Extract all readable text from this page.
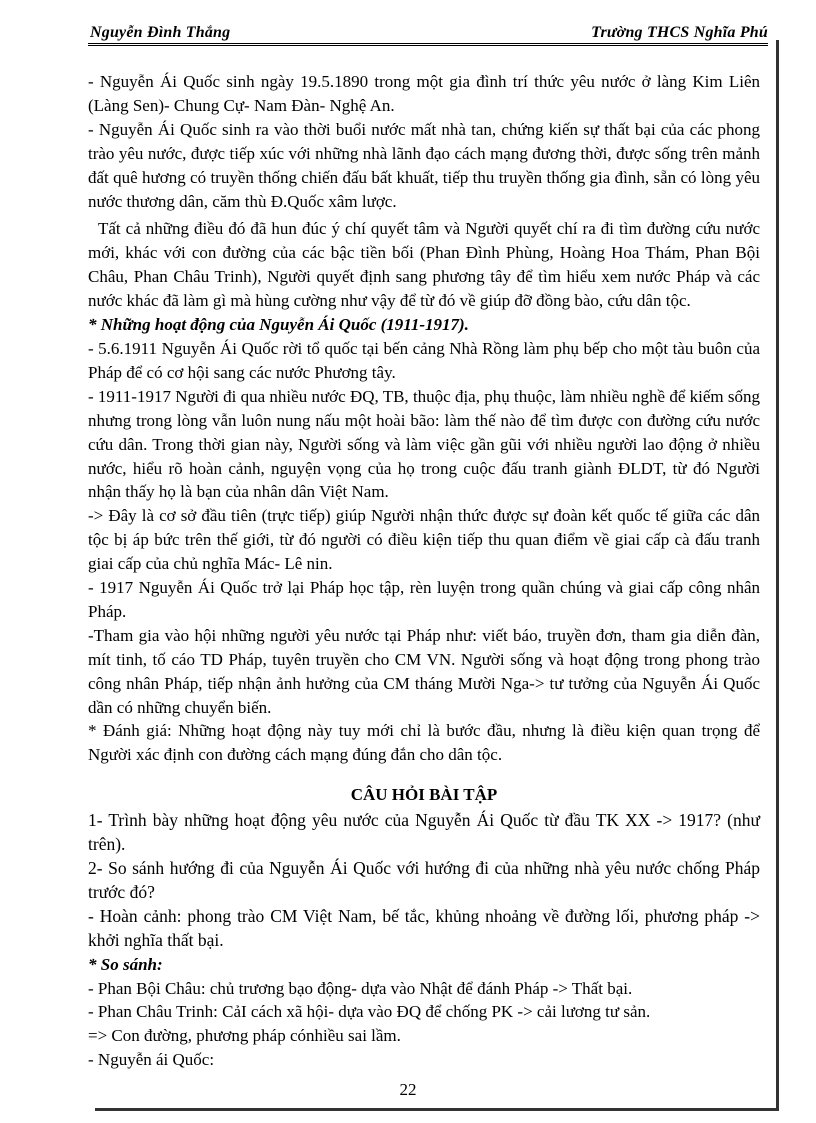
Nguyễn Đình Thắng	Trường THCS Nghĩa Phú

- Nguyễn Ái Quốc sinh ngày 19.5.1890 trong một gia đình trí thức yêu nước ở làng Kim Liên (Làng Sen)- Chung Cự- Nam Đàn- Nghệ An.

- Nguyễn Ái Quốc sinh ra vào thời buổi nước mất nhà tan, chứng kiến sự thất bại của các phong trào yêu nước, được tiếp xúc với những nhà lãnh đạo cách mạng đương thời, được sống trên mảnh đất quê hương có truyền thống chiến đấu bất khuất, tiếp thu truyền thống gia đình, sẵn có lòng yêu nước thương dân, căm thù Đ.Quốc xâm lược.

Tất cả những điều đó đã hun đúc ý chí quyết tâm và Người quyết chí ra đi tìm đường cứu nước mới, khác với con đường của các bậc tiền bối (Phan Đình Phùng, Hoàng Hoa Thám, Phan Bội Châu, Phan Châu Trinh), Người quyết định sang phương tây để tìm hiểu xem nước Pháp và các nước khác đã làm gì mà hùng cường như vậy để từ đó về giúp đỡ đồng bào, cứu dân tộc.

* Những hoạt động của Nguyễn Ái Quốc (1911-1917).

- 5.6.1911 Nguyễn Ái Quốc rời tổ quốc tại bến cảng Nhà Rồng làm phụ bếp cho một tàu buôn của Pháp để có cơ hội sang các nước Phương tây.

- 1911-1917 Người đi qua nhiều nước ĐQ, TB, thuộc địa, phụ thuộc, làm nhiều nghề để kiếm sống nhưng trong lòng vẫn luôn nung nấu một hoài bão: làm thế nào để tìm được con đường cứu nước cứu dân. Trong thời gian này, Người sống và làm việc gần gũi với nhiều người lao động ở nhiều nước, hiểu rõ hoàn cảnh, nguyện vọng của họ trong cuộc đấu tranh giành ĐLDT, từ đó Người nhận thấy họ là bạn của nhân dân Việt Nam.

-> Đây là cơ sở đầu tiên (trực tiếp) giúp Người nhận thức được sự đoàn kết quốc tế giữa các dân tộc bị áp bức trên thế giới, từ đó người có điều kiện tiếp thu quan điểm về giai cấp cà đấu tranh giai cấp của chủ nghĩa Mác- Lê nin.

- 1917 Nguyễn Ái Quốc trở lại Pháp học tập, rèn luyện trong quần chúng và giai cấp công nhân Pháp.

-Tham gia vào hội những người yêu nước tại Pháp như: viết báo, truyền đơn, tham gia diễn đàn, mít tinh, tố cáo TD Pháp, tuyên truyền cho CM VN. Người sống và hoạt động trong phong trào công nhân Pháp, tiếp nhận ảnh hưởng của CM tháng Mười Nga-> tư tưởng của Nguyễn Ái Quốc dần có những chuyển biến.

* Đánh giá: Những hoạt động này tuy mới chỉ là bước đầu, nhưng là điều kiện quan trọng để Người xác định con đường cách mạng đúng đắn cho dân tộc.

CÂU HỎI BÀI TẬP

1- Trình bày những hoạt động yêu nước của Nguyễn Ái Quốc từ đầu TK XX -> 1917? (như trên).

2- So sánh hướng đi của Nguyễn Ái Quốc với hướng đi của những nhà yêu nước chống Pháp trước đó?

- Hoàn cảnh: phong trào CM Việt Nam, bế tắc, khủng nhoảng về đường lối, phương pháp -> khởi nghĩa thất bại.

* So sánh:

- Phan Bội Châu: chủ trương bạo động- dựa vào Nhật để đánh Pháp -> Thất bại.

- Phan Châu Trinh: CảI cách xã hội- dựa vào ĐQ để chống PK -> cải lương tư sản.

=> Con đường, phương pháp cónhiều sai lầm.

- Nguyễn ái Quốc:

22
